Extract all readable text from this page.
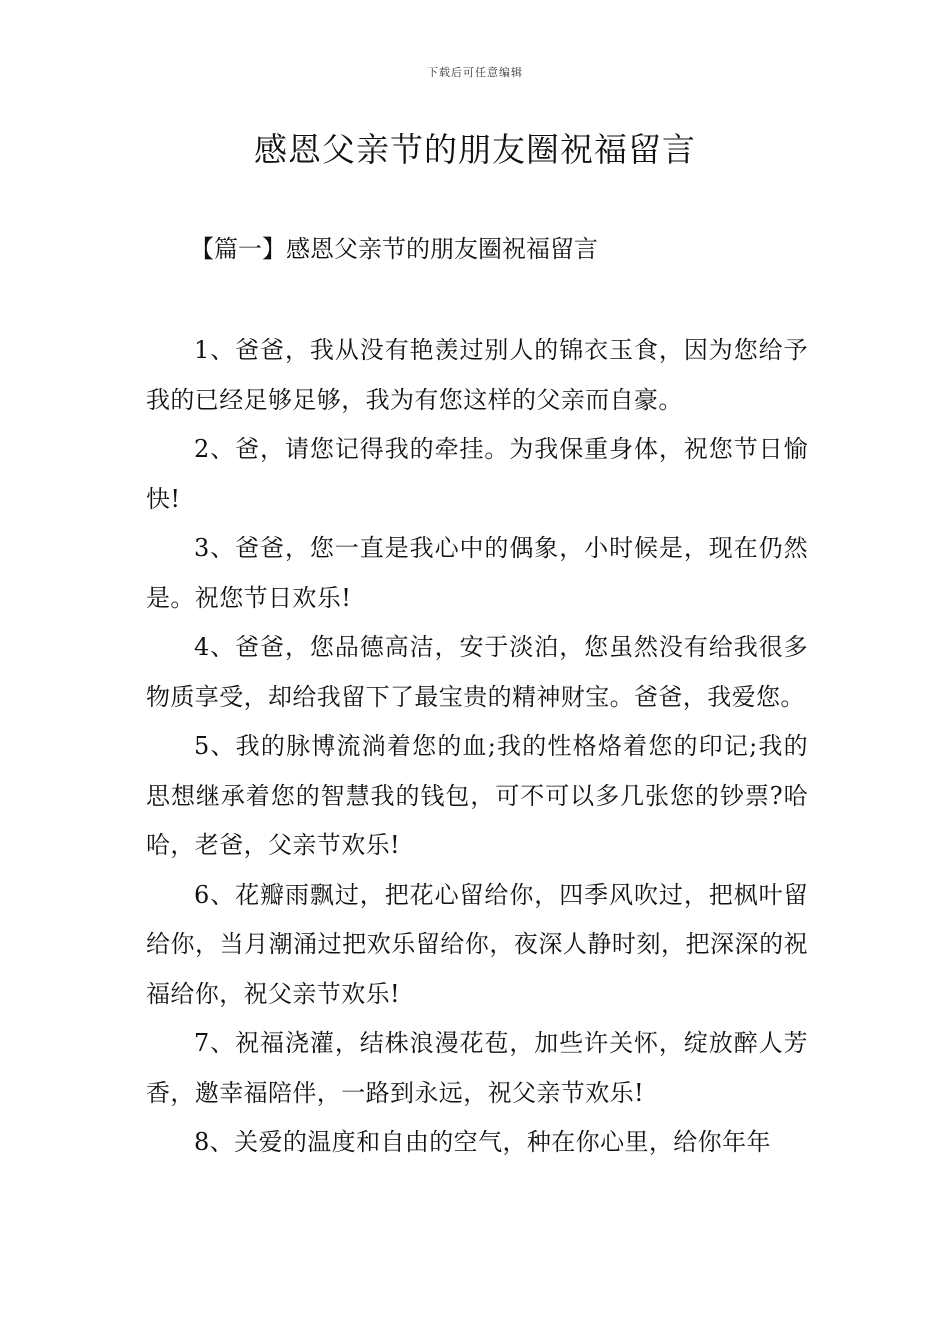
下载后可任意编辑
感恩父亲节的朋友圈祝福留言
【篇一】感恩父亲节的朋友圈祝福留言

1、爸爸，我从没有艳羡过别人的锦衣玉食，因为您给予我的已经足够足够，我为有您这样的父亲而自豪。

2、爸，请您记得我的牵挂。为我保重身体，祝您节日愉快!

3、爸爸，您一直是我心中的偶象，小时候是，现在仍然是。祝您节日欢乐!

4、爸爸，您品德高洁，安于淡泊，您虽然没有给我很多物质享受，却给我留下了最宝贵的精神财宝。爸爸，我爱您。

5、我的脉博流淌着您的血;我的性格烙着您的印记;我的思想继承着您的智慧我的钱包，可不可以多几张您的钞票?哈哈，老爸，父亲节欢乐!

6、花瓣雨飘过，把花心留给你，四季风吹过，把枫叶留给你，当月潮涌过把欢乐留给你，夜深人静时刻，把深深的祝福给你，祝父亲节欢乐!

7、祝福浇灌，结株浪漫花苞，加些许关怀，绽放醉人芳香，邀幸福陪伴，一路到永远，祝父亲节欢乐!

8、关爱的温度和自由的空气，种在你心里，给你年年
